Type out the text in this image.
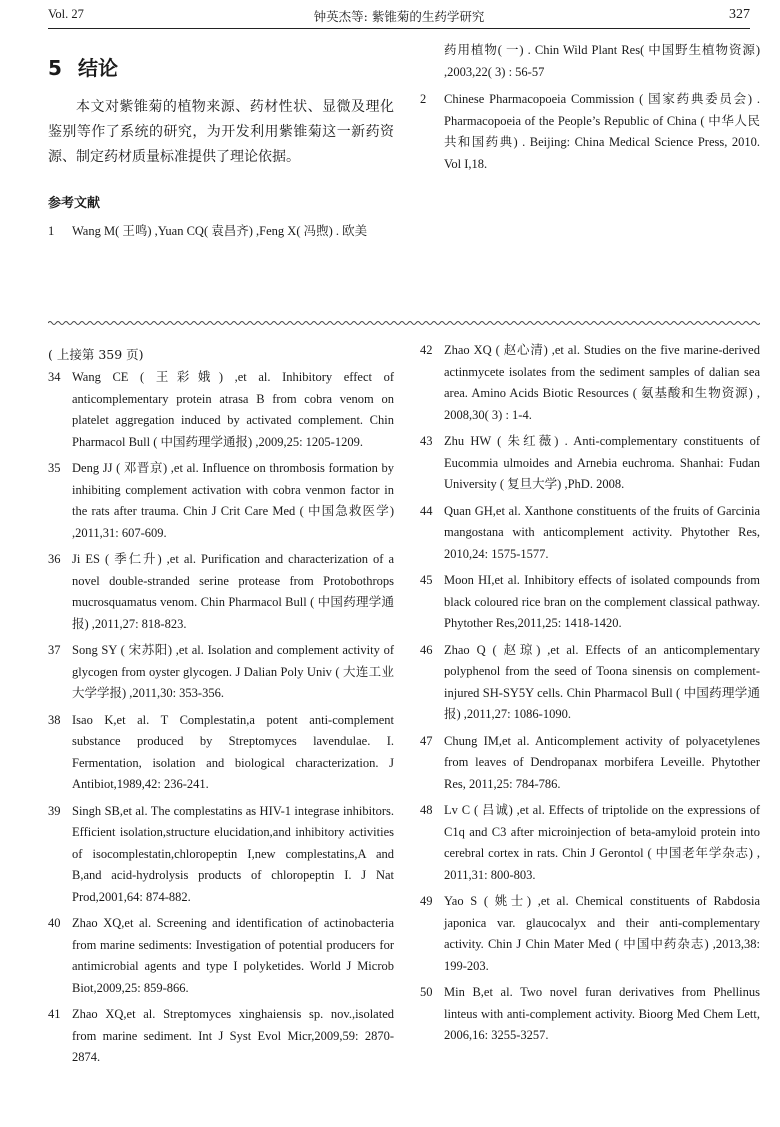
Vol. 27	钟英杰等: 紫锥菊的生药学研究	327
5 结论

本文对紫锥菊的植物来源、药材性状、显微及理化鉴别等作了系统的研究，为开发利用紫锥菊这一新药资源、制定药材质量标准提供了理论依据。

参考文献
1 Wang M( 王鸣) ,Yuan CQ( 袁昌齐) ,Feng X( 冯煦) . 欧美
药用植物( 一) . Chin Wild Plant Res( 中国野生植物资源) ,2003,22( 3) : 56-57
2 Chinese Pharmacopoeia Commission ( 国家药典委员会) . Pharmacopoeia of the People’s Republic of China ( 中华人民共和国药典) . Beijing: China Medical Science Press, 2010. Vol I,18.
( 上接第 359 页)
34 Wang CE ( 王彩娥) ,et al. Inhibitory effect of anticomplementary protein atrasa B from cobra venom on platelet aggregation induced by activated complement. Chin Pharmacol Bull ( 中国药理学通报) ,2009,25: 1205-1209.
35 Deng JJ ( 邓晋京) ,et al. Influence on thrombosis formation by inhibiting complement activation with cobra venmon factor in the rats after trauma. Chin J Crit Care Med ( 中国急救医学) ,2011,31: 607-609.
36 Ji ES ( 季仁升) ,et al. Purification and characterization of a novel double-stranded serine protease from Protobothrops mucrosquamatus venom. Chin Pharmacol Bull ( 中国药理学通报) ,2011,27: 818-823.
37 Song SY ( 宋苏阳) ,et al. Isolation and complement activity of glycogen from oyster glycogen. J Dalian Poly Univ ( 大连工业大学学报) ,2011,30: 353-356.
38 Isao K,et al. T Complestatin,a potent anti-complement substance produced by Streptomyces lavendulae. I. Fermentation, isolation and biological characterization. J Antibiot,1989,42: 236-241.
39 Singh SB,et al. The complestatins as HIV-1 integrase inhibitors. Efficient isolation,structure elucidation,and inhibitory activities of isocomplestatin,chloropeptin I,new complestatins,A and B,and acid-hydrolysis products of chloropeptin I. J Nat Prod,2001,64: 874-882.
40 Zhao XQ,et al. Screening and identification of actinobacteria from marine sediments: Investigation of potential producers for antimicrobial agents and type I polyketides. World J Microb Biot,2009,25: 859-866.
41 Zhao XQ,et al. Streptomyces xinghaiensis sp. nov.,isolated from marine sediment. Int J Syst Evol Micr,2009,59: 2870-2874.
42 Zhao XQ ( 赵心清) ,et al. Studies on the five marine-derived actinmycete isolates from the sediment samples of dalian sea area. Amino Acids Biotic Resources ( 氨基酸和生物资源) , 2008,30( 3) : 1-4.
43 Zhu HW ( 朱红薇) . Anti-complementary constituents of Eucommia ulmoides and Arnebia euchroma. Shanhai: Fudan University ( 复旦大学) ,PhD. 2008.
44 Quan GH,et al. Xanthone constituents of the fruits of Garcinia mangostana with anticomplement activity. Phytother Res, 2010,24: 1575-1577.
45 Moon HI,et al. Inhibitory effects of isolated compounds from black coloured rice bran on the complement classical pathway. Phytother Res,2011,25: 1418-1420.
46 Zhao Q ( 赵琼) ,et al. Effects of an anticomplementary polyphenol from the seed of Toona sinensis on complement-injured SH-SY5Y cells. Chin Pharmacol Bull ( 中国药理学通报) ,2011,27: 1086-1090.
47 Chung IM,et al. Anticomplement activity of polyacetylenes from leaves of Dendropanax morbifera Leveille. Phytother Res, 2011,25: 784-786.
48 Lv C ( 吕诚) ,et al. Effects of triptolide on the expressions of C1q and C3 after microinjection of beta-amyloid protein into cerebral cortex in rats. Chin J Gerontol ( 中国老年学杂志) , 2011,31: 800-803.
49 Yao S ( 姚士) ,et al. Chemical constituents of Rabdosia japonica var. glaucocalyx and their anti-complementary activity. Chin J Chin Mater Med ( 中国中药杂志) ,2013,38: 199-203.
50 Min B,et al. Two novel furan derivatives from Phellinus linteus with anti-complement activity. Bioorg Med Chem Lett, 2006,16: 3255-3257.
